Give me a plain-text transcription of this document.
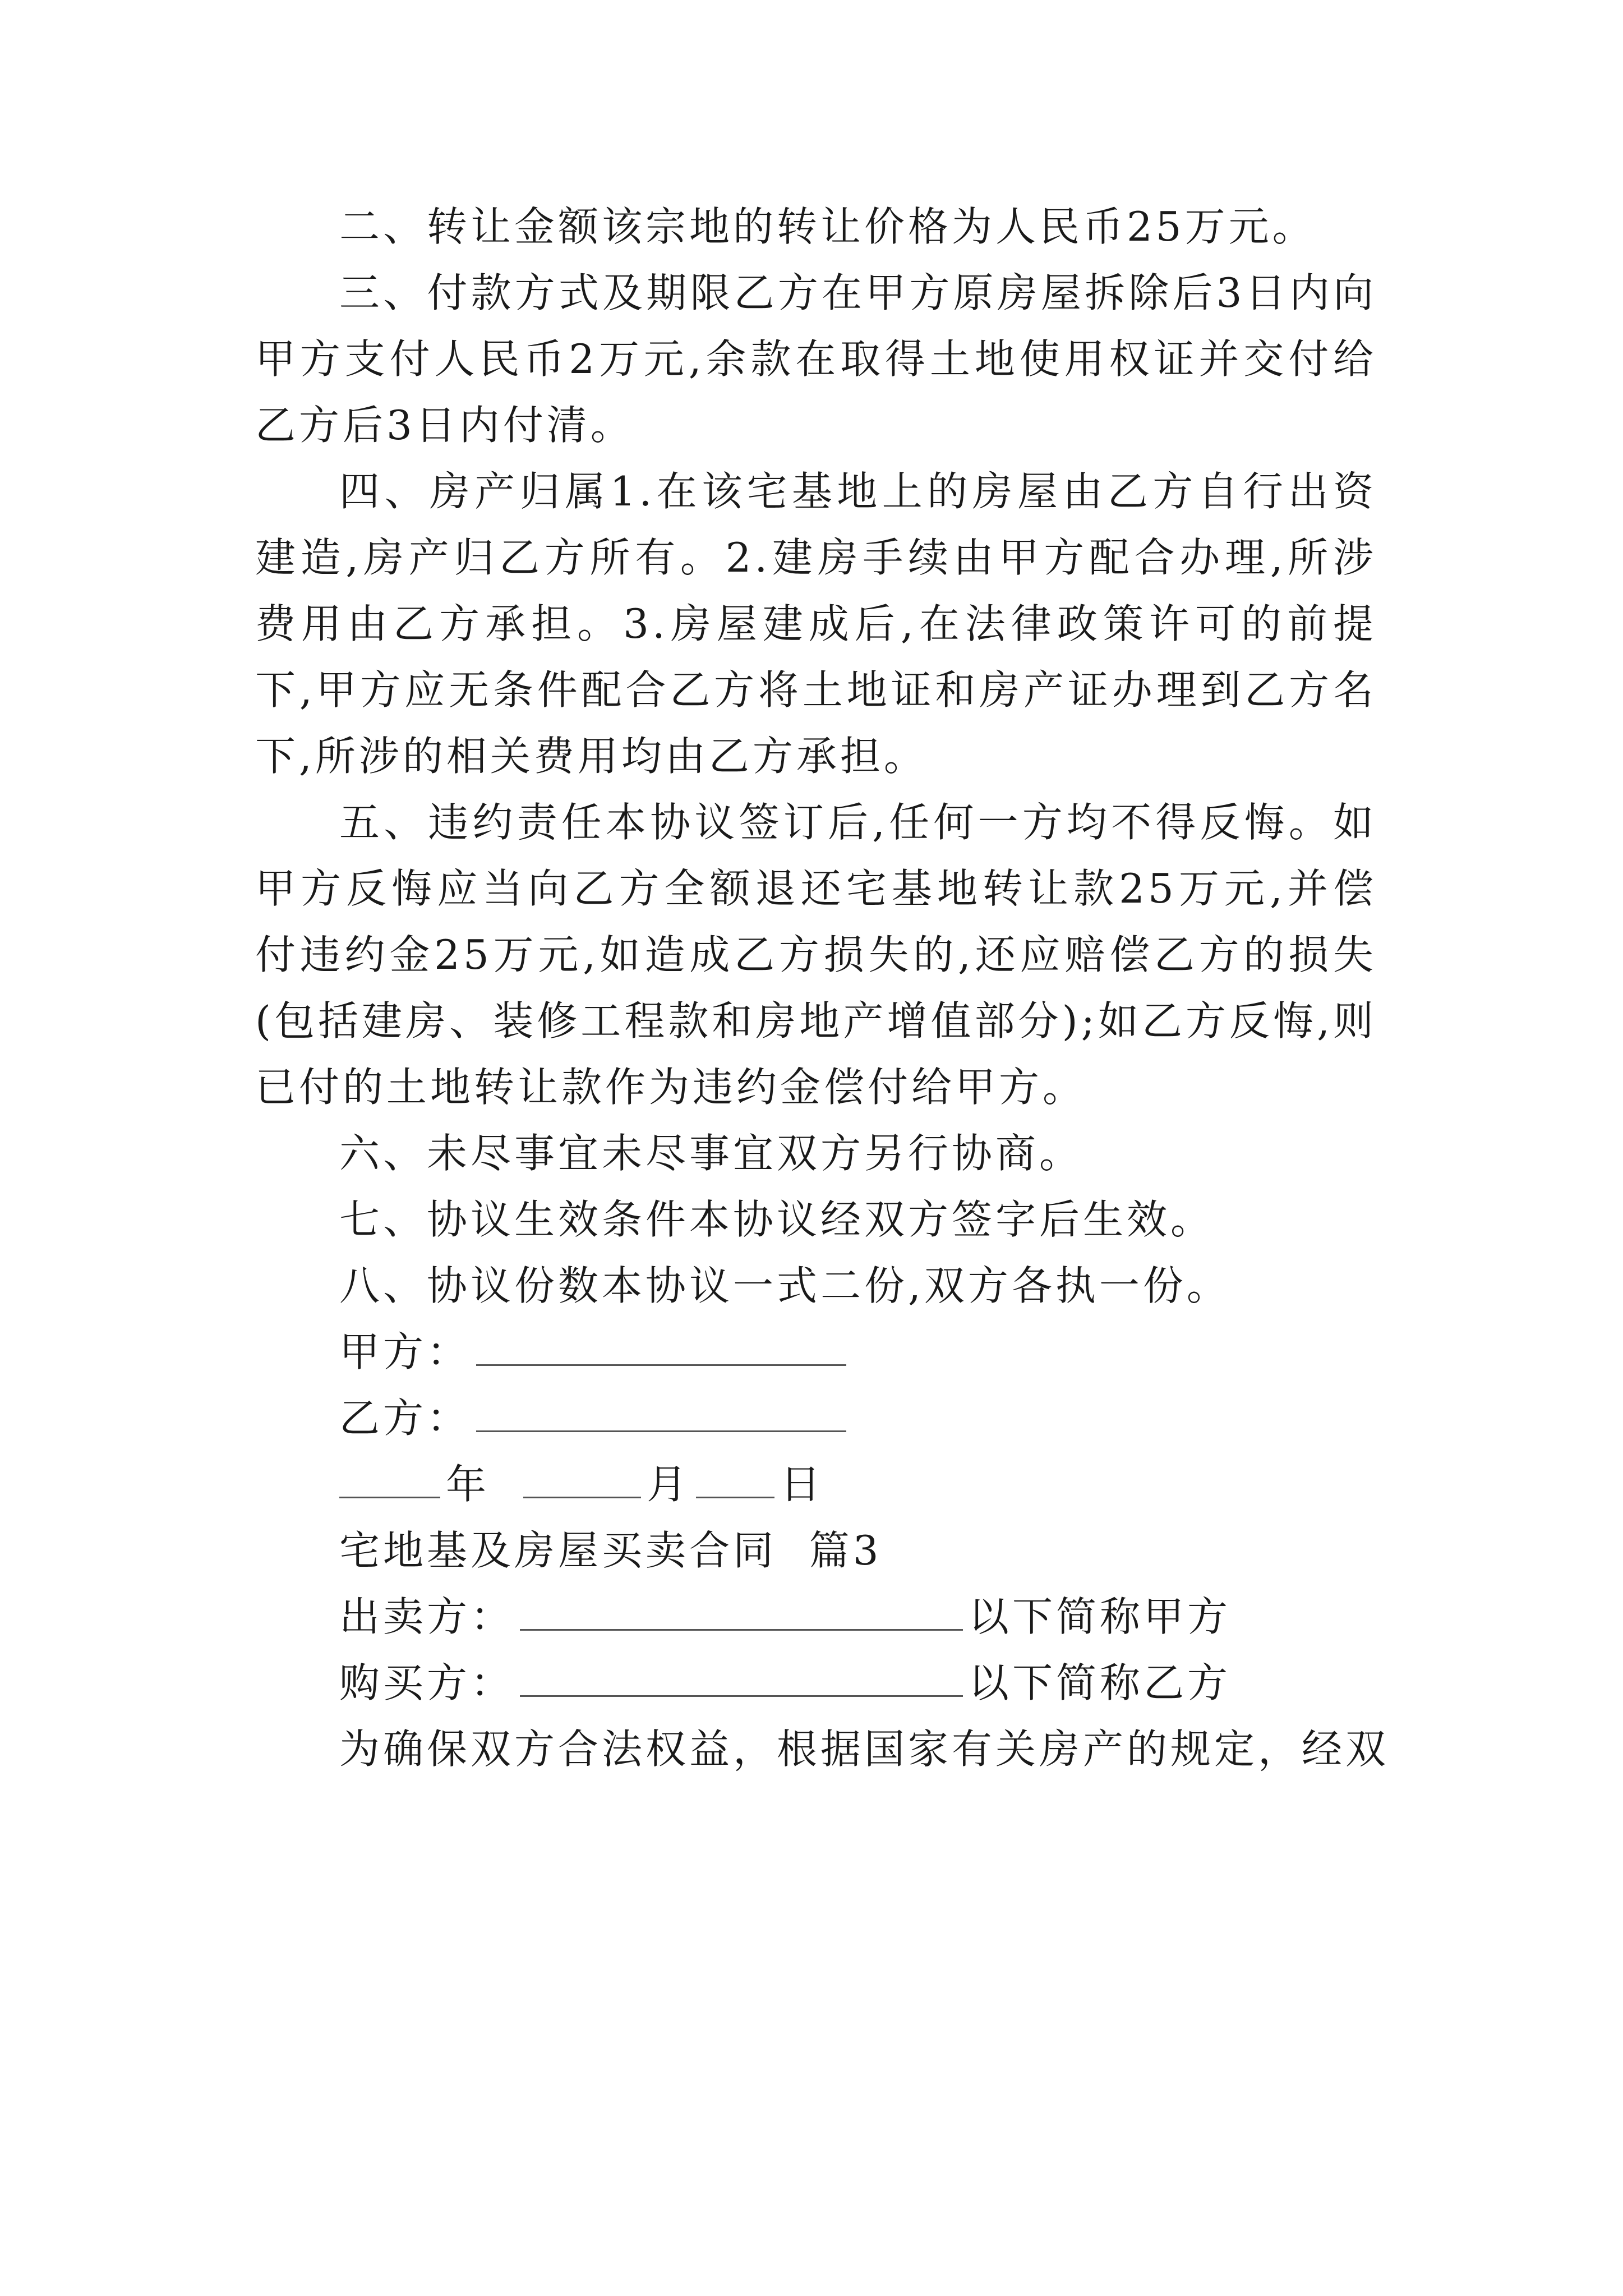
二、转让金额该宗地的转让价格为人民币25万元。

三、付款方式及期限乙方在甲方原房屋拆除后3日内向甲方支付人民币2万元,余款在取得土地使用权证并交付给乙方后3日内付清。

四、房产归属1.在该宅基地上的房屋由乙方自行出资建造,房产归乙方所有。2.建房手续由甲方配合办理,所涉费用由乙方承担。3.房屋建成后,在法律政策许可的前提下,甲方应无条件配合乙方将土地证和房产证办理到乙方名下,所涉的相关费用均由乙方承担。

五、违约责任本协议签订后,任何一方均不得反悔。如甲方反悔应当向乙方全额退还宅基地转让款25万元,并偿付违约金25万元,如造成乙方损失的,还应赔偿乙方的损失(包括建房、装修工程款和房地产增值部分);如乙方反悔,则已付的土地转让款作为违约金偿付给甲方。

六、未尽事宜未尽事宜双方另行协商。

七、协议生效条件本协议经双方签字后生效。

八、协议份数本协议一式二份,双方各执一份。

甲方：
乙方：
年	月 日
宅地基及房屋买卖合同  篇3
出卖方：	以下简称甲方
购买方：	以下简称乙方
为确保双方合法权益，根据国家有关房产的规定，经双
